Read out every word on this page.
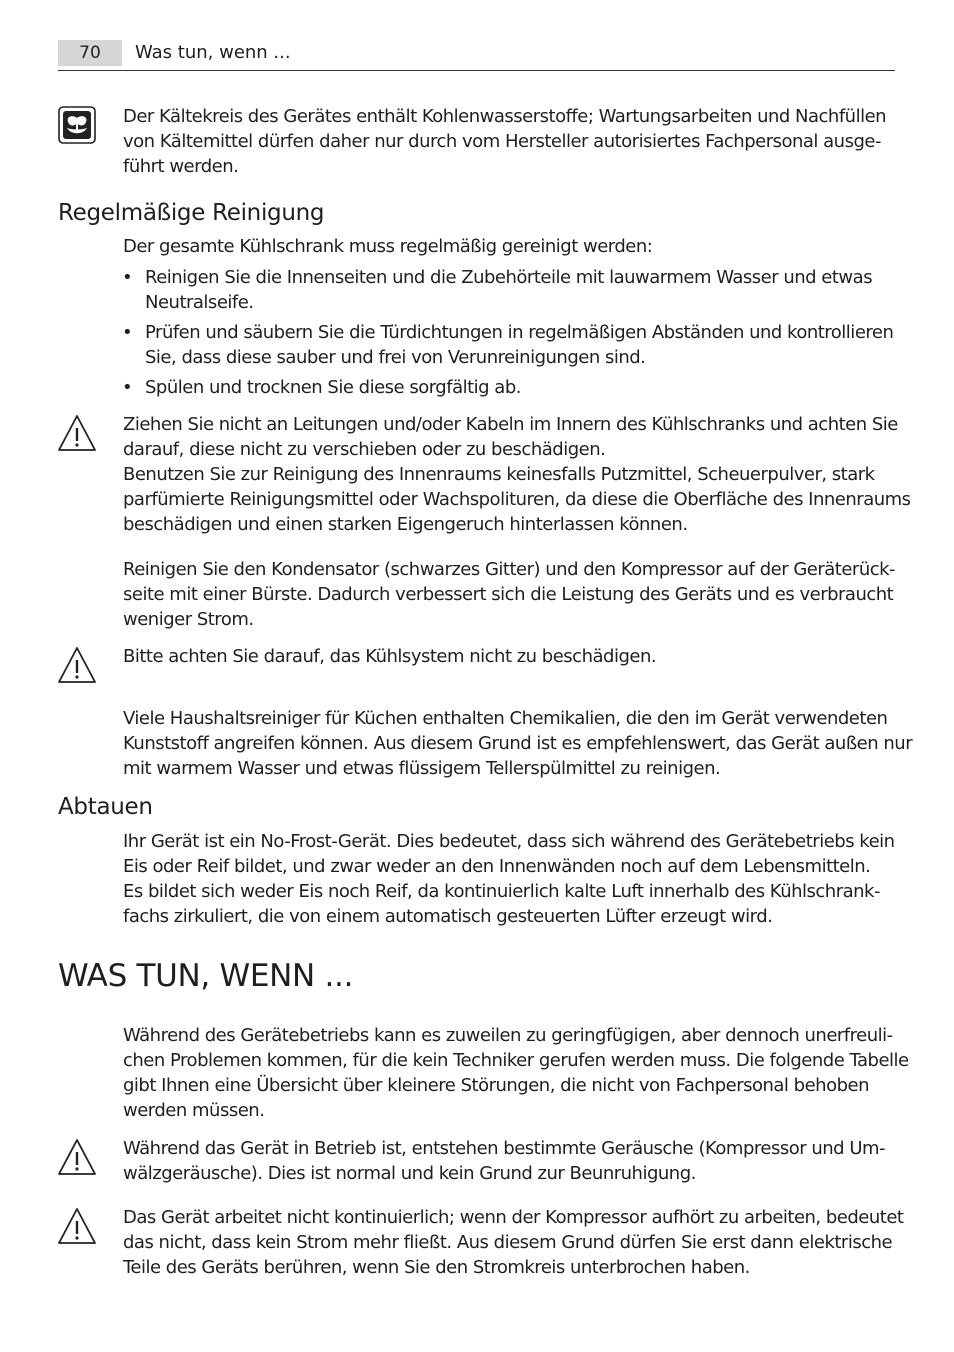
70	Was tun, wenn ...
Der Kältekreis des Gerätes enthält Kohlenwasserstoffe; Wartungsarbeiten und Nachfüllen
von Kältemittel dürfen daher nur durch vom Hersteller autorisiertes Fachpersonal ausge-
führt werden.
Regelmäßige Reinigung
Der gesamte Kühlschrank muss regelmäßig gereinigt werden:
• Reinigen Sie die Innenseiten und die Zubehörteile mit lauwarmem Wasser und etwas
Neutralseife.
• Prüfen und säubern Sie die Türdichtungen in regelmäßigen Abständen und kontrollieren
Sie, dass diese sauber und frei von Verunreinigungen sind.
• Spülen und trocknen Sie diese sorgfältig ab.
Ziehen Sie nicht an Leitungen und/oder Kabeln im Innern des Kühlschranks und achten Sie
darauf, diese nicht zu verschieben oder zu beschädigen.
Benutzen Sie zur Reinigung des Innenraums keinesfalls Putzmittel, Scheuerpulver, stark
parfümierte Reinigungsmittel oder Wachspolituren, da diese die Oberfläche des Innenraums
beschädigen und einen starken Eigengeruch hinterlassen können.
Reinigen Sie den Kondensator (schwarzes Gitter) und den Kompressor auf der Geräterück-
seite mit einer Bürste. Dadurch verbessert sich die Leistung des Geräts und es verbraucht
weniger Strom.
Bitte achten Sie darauf, das Kühlsystem nicht zu beschädigen.
Viele Haushaltsreiniger für Küchen enthalten Chemikalien, die den im Gerät verwendeten
Kunststoff angreifen können. Aus diesem Grund ist es empfehlenswert, das Gerät außen nur
mit warmem Wasser und etwas flüssigem Tellerspülmittel zu reinigen.
Abtauen
Ihr Gerät ist ein No-Frost-Gerät. Dies bedeutet, dass sich während des Gerätebetriebs kein
Eis oder Reif bildet, und zwar weder an den Innenwänden noch auf dem Lebensmitteln.
Es bildet sich weder Eis noch Reif, da kontinuierlich kalte Luft innerhalb des Kühlschrank-
fachs zirkuliert, die von einem automatisch gesteuerten Lüfter erzeugt wird.
WAS TUN, WENN ...
Während des Gerätebetriebs kann es zuweilen zu geringfügigen, aber dennoch unerfreuli-
chen Problemen kommen, für die kein Techniker gerufen werden muss. Die folgende Tabelle
gibt Ihnen eine Übersicht über kleinere Störungen, die nicht von Fachpersonal behoben
werden müssen.
Während das Gerät in Betrieb ist, entstehen bestimmte Geräusche (Kompressor und Um-
wälzgeräusche). Dies ist normal und kein Grund zur Beunruhigung.
Das Gerät arbeitet nicht kontinuierlich; wenn der Kompressor aufhört zu arbeiten, bedeutet
das nicht, dass kein Strom mehr fließt. Aus diesem Grund dürfen Sie erst dann elektrische
Teile des Geräts berühren, wenn Sie den Stromkreis unterbrochen haben.
